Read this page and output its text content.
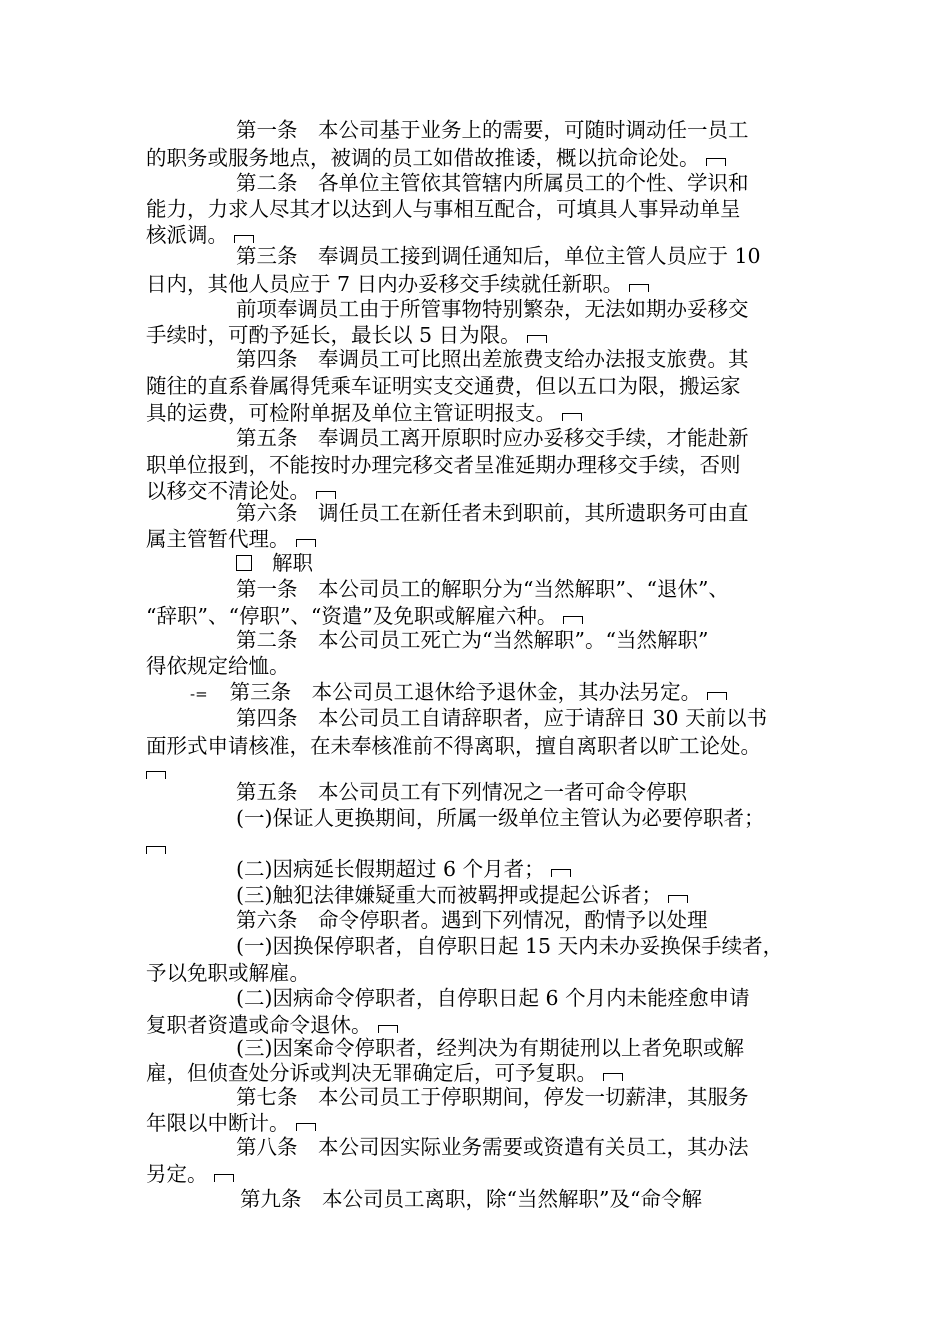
第一条　本公司基于业务上的需要，可随时调动任一员工
的职务或服务地点，被调的员工如借故推诿，概以抗命论处。
第二条　各单位主管依其管辖内所属员工的个性、学识和
能力，力求人尽其才以达到人与事相互配合，可填具人事异动单呈
核派调。
第三条　奉调员工接到调任通知后，单位主管人员应于 10
日内，其他人员应于 7 日内办妥移交手续就任新职。
前项奉调员工由于所管事物特别繁杂，无法如期办妥移交
手续时，可酌予延长，最长以 5 日为限。
第四条　奉调员工可比照出差旅费支给办法报支旅费。其
随往的直系眷属得凭乘车证明实支交通费，但以五口为限，搬运家
具的运费，可检附单据及单位主管证明报支。
第五条　奉调员工离开原职时应办妥移交手续，才能赴新
职单位报到，不能按时办理完移交者呈准延期办理移交手续，否则
以移交不清论处。
第六条　调任员工在新任者未到职前，其所遗职务可由直
属主管暂代理。
解职
第一条　本公司员工的解职分为“当然解职”、“退休”、
“辞职”、“停职”、“资遣”及免职或解雇六种。
第二条　本公司员工死亡为“当然解职”。“当然解职”
得依规定给恤。
-= 第三条　本公司员工退休给予退休金，其办法另定。
第四条　本公司员工自请辞职者，应于请辞日 30 天前以书
面形式申请核准，在未奉核准前不得离职，擅自离职者以旷工论处。
第五条　本公司员工有下列情况之一者可命令停职
(一)保证人更换期间，所属一级单位主管认为必要停职者；
(二)因病延长假期超过 6 个月者；
(三)触犯法律嫌疑重大而被羁押或提起公诉者；
第六条　命令停职者。遇到下列情况，酌情予以处理
(一)因换保停职者，自停职日起 15 天内未办妥换保手续者，
予以免职或解雇。
(二)因病命令停职者，自停职日起 6 个月内未能痊愈申请
复职者资遣或命令退休。
(三)因案命令停职者，经判决为有期徒刑以上者免职或解
雇，但侦查处分诉或判决无罪确定后，可予复职。
第七条　本公司员工于停职期间，停发一切薪津，其服务
年限以中断计。
第八条　本公司因实际业务需要或资遣有关员工，其办法
另定。
第九条　本公司员工离职，除“当然解职”及“命令解
